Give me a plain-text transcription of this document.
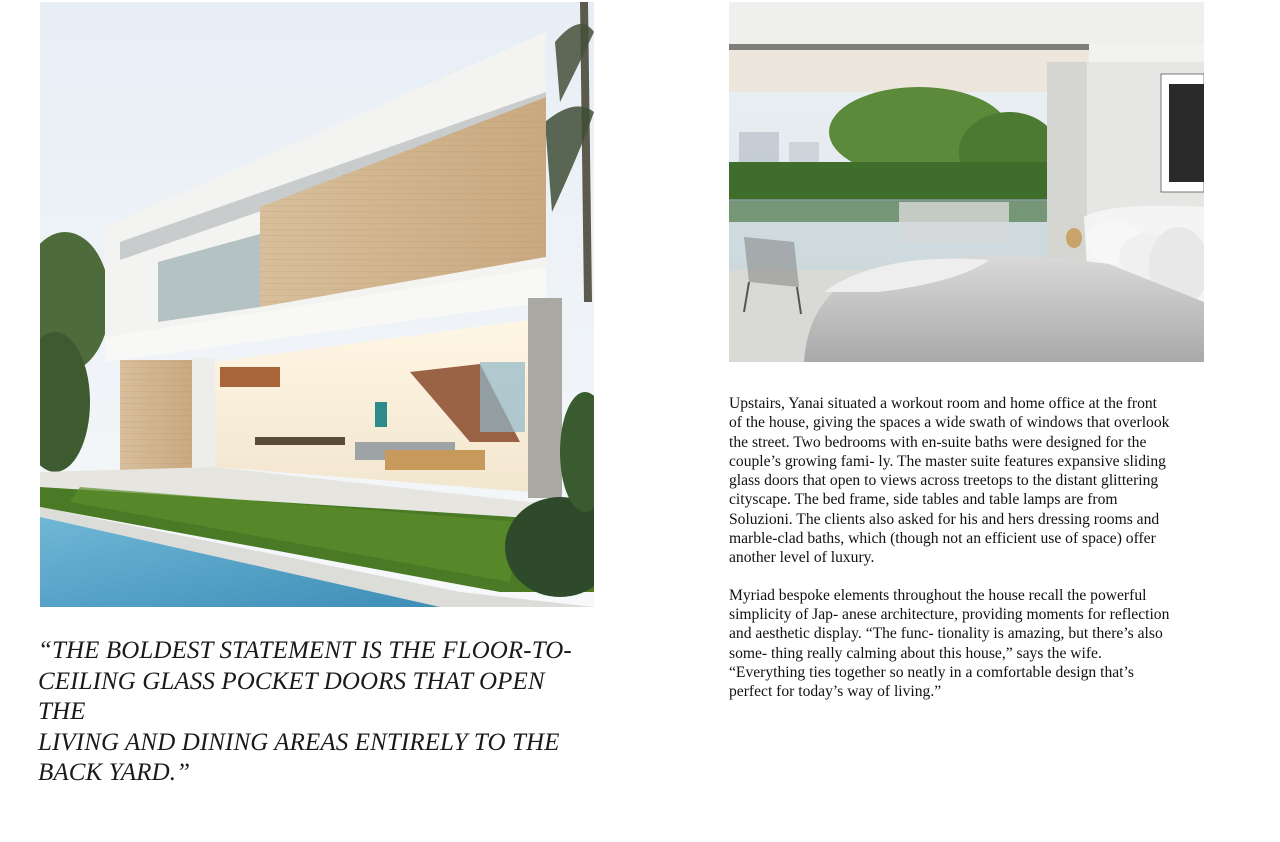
“THE BOLDEST STATEMENT IS THE FLOOR-TO-
CEILING GLASS POCKET DOORS THAT OPEN THE
LIVING AND DINING AREAS ENTIRELY TO THE
BACK YARD.”

Upstairs, Yanai situated a workout room and home office at the front
of the house, giving the spaces a wide swath of windows that overlook
the street. Two bedrooms with en-suite baths were designed for the
couple’s growing fami- ly. The master suite features expansive sliding
glass doors that open to views across treetops to the distant glittering
cityscape. The bed frame, side tables and table lamps are from
Soluzioni. The clients also asked for his and hers dressing rooms and
marble-clad baths, which (though not an efficient use of space) offer
another level of luxury.

Myriad bespoke elements throughout the house recall the powerful
simplicity of Jap- anese architecture, providing moments for reflection
and aesthetic display. “The func- tionality is amazing, but there’s also
some- thing really calming about this house,” says the wife.
“Everything ties together so neatly in a comfortable design that’s
perfect for today’s way of living.”
